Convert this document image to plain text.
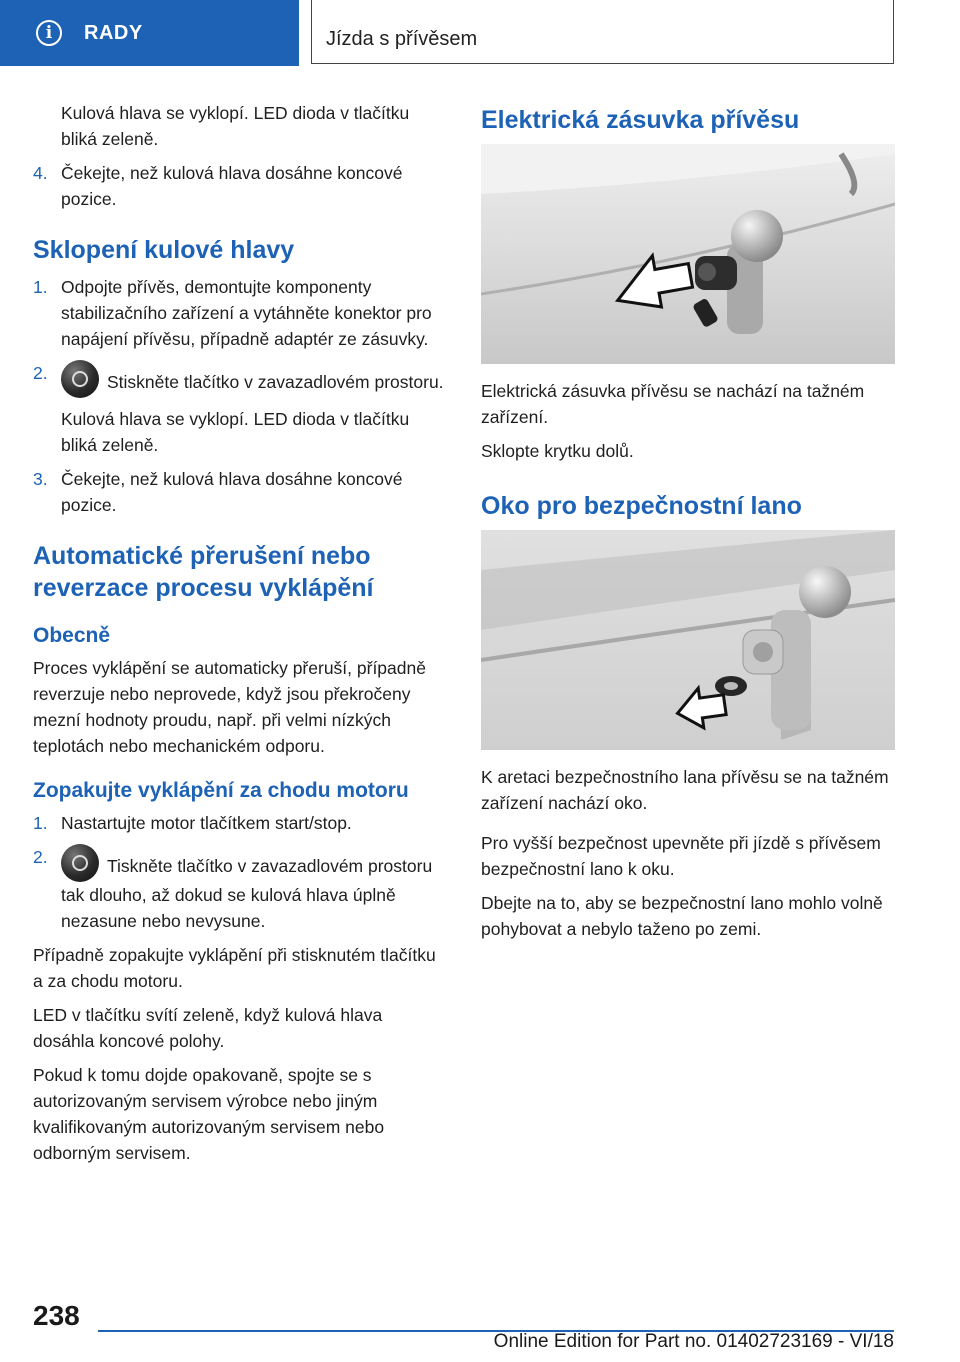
i	RADY	Jízda s přívěsem

Kulová hlava se vyklopí. LED dioda v tlačítku bliká zeleně.

4. Čekejte, než kulová hlava dosáhne koncové pozice.
Sklopení kulové hlavy
1. Odpojte přívěs, demontujte komponenty stabilizačního zařízení a vytáhněte konektor pro napájení přívěsu, případně adaptér ze zásuvky.
2.	Stiskněte tlačítko v zavazadlovém prostoru.

Kulová hlava se vyklopí. LED dioda v tlačítku bliká zeleně.

3. Čekejte, než kulová hlava dosáhne koncové pozice.
Automatické přerušení nebo reverzace procesu vyklápění
Obecně

Proces vyklápění se automaticky přeruší, případně reverzuje nebo neprovede, když jsou překročeny mezní hodnoty proudu, např. při velmi nízkých teplotách nebo mechanickém odporu.

Zopakujte vyklápění za chodu motoru
1. Nastartujte motor tlačítkem start/stop.
2.	Tiskněte tlačítko v zavazadlovém prostoru tak dlouho, až dokud se kulová hlava úplně nezasune nebo nevysune.

Případně zopakujte vyklápění při stisknutém tlačítku a za chodu motoru.

LED v tlačítku svítí zeleně, když kulová hlava dosáhla koncové polohy.

Pokud k tomu dojde opakovaně, spojte se s autorizovaným servisem výrobce nebo jiným kvalifikovaným autorizovaným servisem nebo odborným servisem.

Elektrická zásuvka přívěsu

Elektrická zásuvka přívěsu se nachází na tažném zařízení.

Sklopte krytku dolů.

Oko pro bezpečnostní lano

K aretaci bezpečnostního lana přívěsu se na tažném zařízení nachází oko.

Pro vyšší bezpečnost upevněte při jízdě s přívěsem bezpečnostní lano k oku.

Dbejte na to, aby se bezpečnostní lano mohlo volně pohybovat a nebylo taženo po zemi.

238
Online Edition for Part no. 01402723169 - VI/18
